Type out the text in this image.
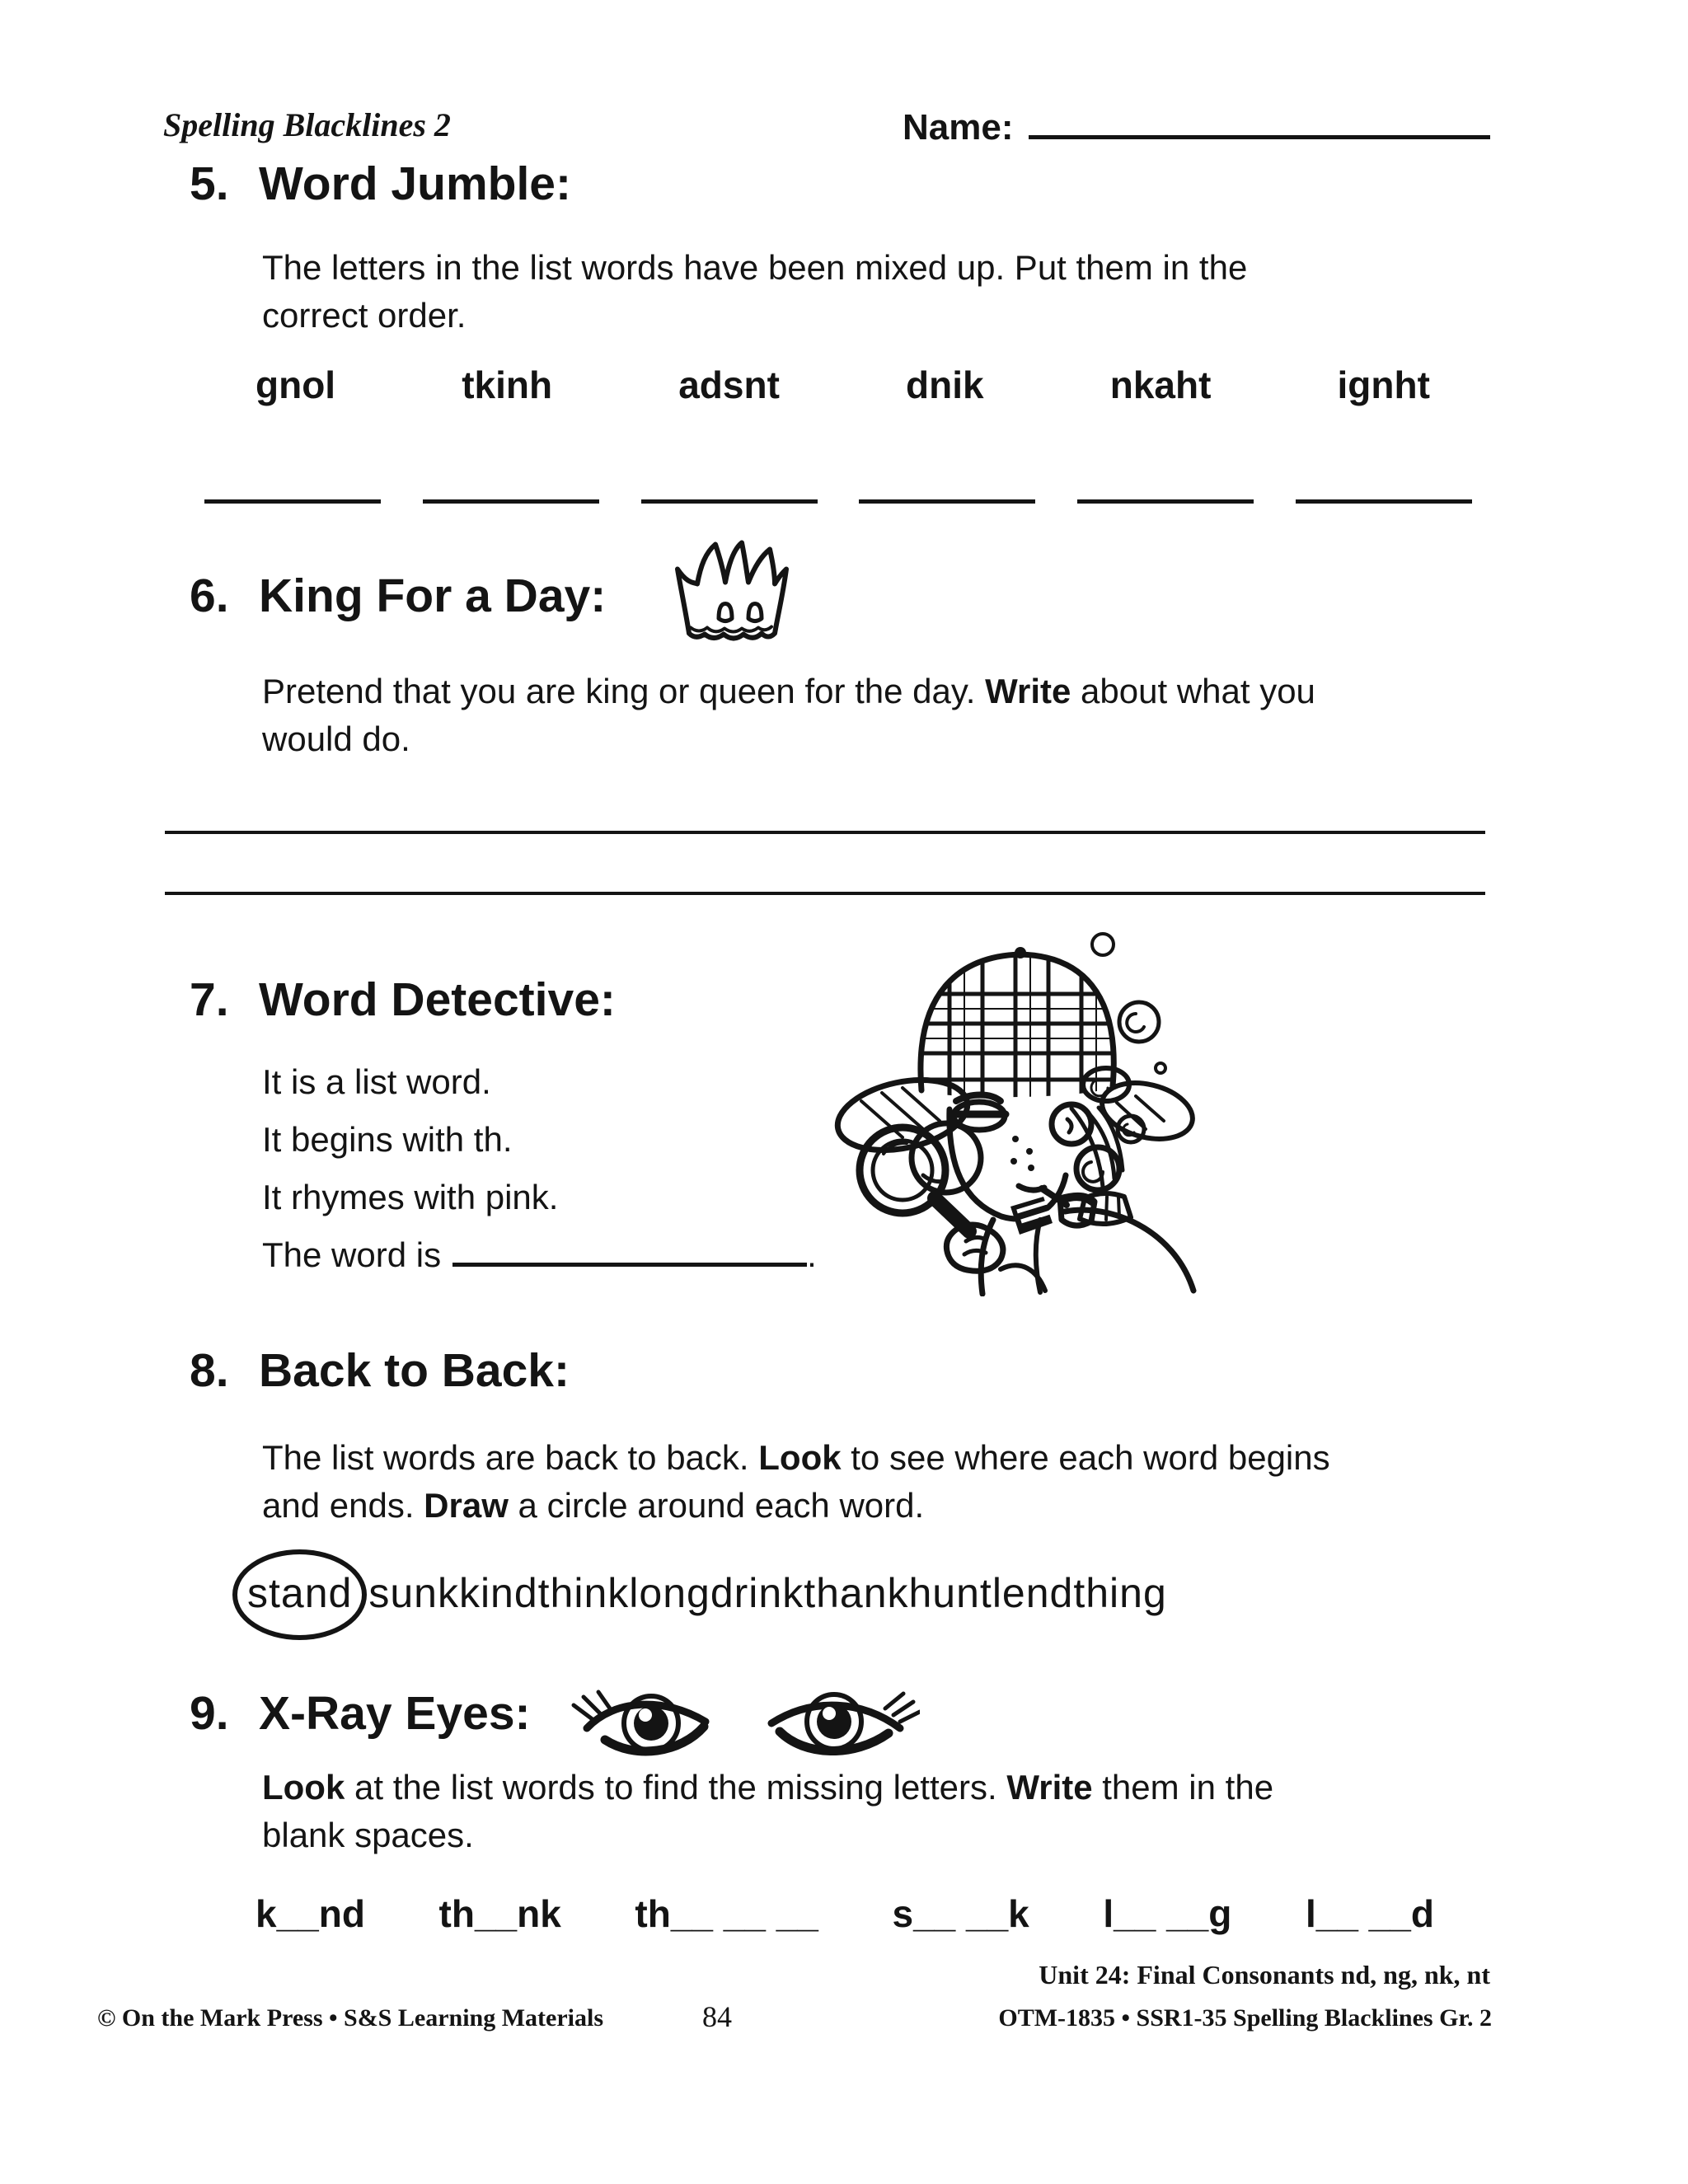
Spelling Blacklines 2	Name:
5. Word Jumble:
The letters in the list words have been mixed up. Put them in the
correct order.
gnol	tkinh	adsnt	dnik	nkaht	ignht
6. King For a Day:
Pretend that you are king or queen for the day. Write about what you
would do.
7. Word Detective:
It is a list word.
It begins with th.
It rhymes with pink.
The word is	.
8. Back to Back:
The list words are back to back. Look to see where each word begins
and ends. Draw a circle around each word.
stand sunkkindthinklongdrinkthankhuntlendthing
9. X-Ray Eyes:
Look at the list words to find the missing letters. Write them in the
blank spaces.
k__nd th__nk th__ __ __ s__ __k l__ __g l__ __d
Unit 24: Final Consonants nd, ng, nk, nt
© On the Mark Press • S&S Learning Materials	84	OTM-1835 • SSR1-35 Spelling Blacklines Gr. 2
